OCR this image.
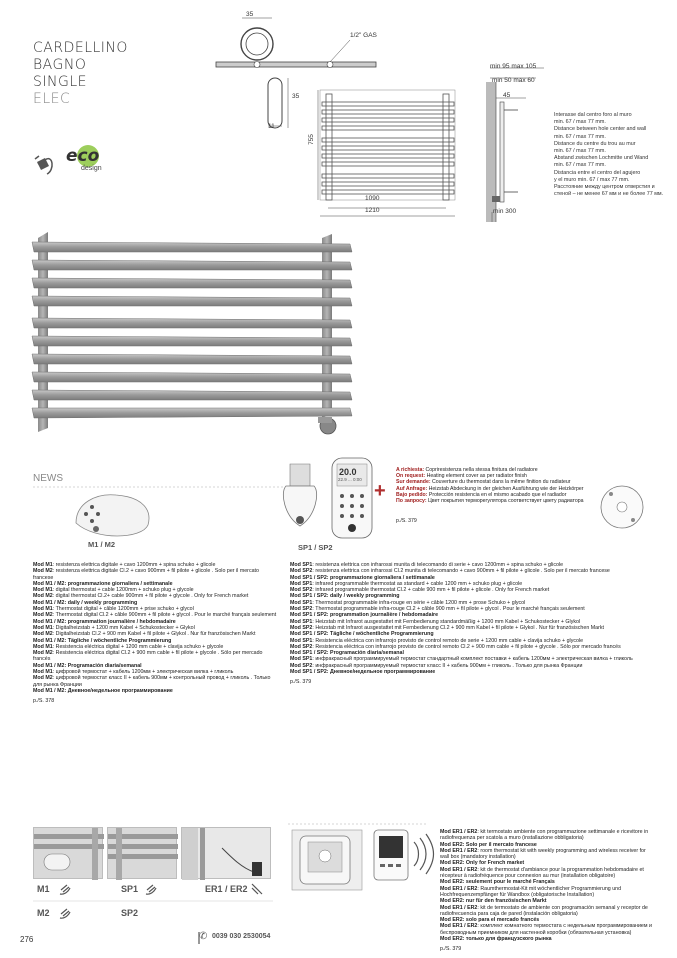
CARDELLINO
BAGNO
SINGLE
ELEC
eco
design
35
1/2" GAS
35
11
755
1090
1210
min 95 max 105
min 50 max 60
45
min 300
Interasse dal centro foro al muro
min. 67 / max 77 mm.
Distance between hole center and wall
min. 67 / max 77 mm.
Distance du centre du trou au mur
min. 67 / max 77 mm.
Abstand zwischen Lochmitte und Wand
min. 67 / max 77 mm.
Distancia entre el centro del agujero
y el muro min. 67 / max 77 mm.
Расстояние между центром отверстия и
стеной – не менее 67 мм и не более 77 мм.
NEWS
M1 / M2
20.0
22.9 ... 0:00
SP1 / SP2
+
A richiesta: Copriresistenza nella stessa finitura del radiatore
On request: Heating element cover as per radiator finish
Sur demande: Couverture du thermostat dans la même finition du radiateur
Auf Anfrage: Heizstab Abdeckung in der gleichen Ausführung wie der Heizkörper
Bajo pedido: Protección resistencia en el mismo acabado que el radiador
По запросу: Цвет покрытия терморегулятора соответствует цвету радиатора
p./S. 379
Mod M1: resistenza elettrica digitale + cavo 1200mm + spina schuko + glicole
Mod M2: resistenza elettrica digitale Cl.2 + cavo 900mm + fil pilote + glicole . Solo per il mercato francese
Mod M1 / M2: programmazione giornaliera / settimanale
Mod M1: digital thermostat + cable 1200mm + schuko plug + glycole
Mod M2: digital thermostat Cl.2+ cable 900mm + fil pilote + glycole . Only for French market
Mod M1 / M2: daily / weekly programming
Mod M1: Thermostat digital + câble 1200mm + prise schuko + glycol
Mod M2: Thermostat digital Cl.2 + câble 900mm + fil pilote + glycol . Pour le marché français seulement
Mod M1 / M2: programmation journalière / hebdomadaire
Mod M1: Digitalheizstab + 1200 mm Kabel + Schukostecker + Glykol
Mod M2: Digitalheizstab Cl.2 + 900 mm Kabel + fil pilote + Glykol . Nur für französischen Markt
Mod M1 / M2: Tägliche / wöchentliche Programmierung
Mod M1: Resistencia eléctrica digital + 1200 mm cable + clavija schuko + glycole
Mod M2: Resistencia eléctrica digital Cl.2 + 900 mm cable + fil pilote + glycole . Sólo per mercado francés
Mod M1 / M2: Programación diaria/semanal
Mod M1: цифровой термостат + кабель 1200мм + электрическая вилка + гликоль
Mod M2: цифровой термостат класс II + кабель 900мм + контрольный провод + гликоль . Только для рынка Франции
Mod M1 / M2: Дневное/недельное программирование
p./S. 378
Mod SP1: resistenza elettrica con infrarossi munita di telecomando di serie + cavo 1200mm + spina schuko + glicole
Mod SP2: resistenza elettrica con infrarossi Cl.2 munita di telecomando + cavo 900mm + fil pilote + glicole . Solo per il mercato francese
Mod SP1 / SP2: programmazione giornaliera / settimanale
Mod SP1: infrared programmable thermostat as standard + cable 1200 mm + schuko plug + glicole
Mod SP2: infrared programmable thermostat Cl.2 + cable 900 mm + fil pilote + glicole . Only for French market
Mod SP1 / SP2: daily / weekly programming
Mod SP1: Thermostat programmable infra-rouge en série + câble 1200 mm + prose Schuko + glycol
Mod SP2: Thermostat programmable infra-rouge Cl.2 + câble 900 mm + fil pilote + glycol . Pour le marché français seulement
Mod SP1 / SP2: programmation journalière / hebdomadaire
Mod SP1: Heizstab mit Infrarot ausgestattet mit Fernbedienung standardmäßig + 1200 mm Kabel + Schukostecker + Glykol
Mod SP2: Heizstab mit Infrarot ausgestattet mit Fernbedienung Cl.2 + 900 mm Kabel + fil pilote + Glykol . Nur für französischen Markt
Mod SP1 / SP2: Tägliche / wöchentliche Programmierung
Mod SP1: Resistencia eléctrica con infrarrojo provisto de control remoto de serie + 1200 mm cable + clavija schuko + glycole
Mod SP2: Resistencia eléctrica con infrarrojo provisto de control remoto Cl.2 + 900 mm cable + fil pilote + glycole . Sólo por mercado francés
Mod SP1 / SP2: Programación diaria/semanal
Mod SP1: инфракрасный программируемый термостат стандартный комплект поставки + кабель 1200мм + электрическая вилка + гликоль
Mod SP2: инфракрасный программируемый термостат класс II + кабель 900мм + гликоль . Только для рынка Франции
Mod SP1 / SP2: Дневное/недельное программирование
p./S. 379
Mod ER1 / ER2: kit termostato ambiente con programmazione settimanale e ricevitore in radiofrequenza per scatola a muro (installazione obbligatoria)
Mod ER2: Solo per il mercato francese
Mod ER1 / ER2: room thermostat kit with weekly programming and wireless receiver for wall box (mandatory installation)
Mod ER2: Only for French market
Mod ER1 / ER2: kit de thermostat d'ambiance pour la programmation hebdomadaire et récepteur à radiofréquence pour connexion au mur (installation obligatoire)
Mod ER2: seulement pour le marché Français
Mod ER1 / ER2: Raumthermostat-Kit mit wöchentlicher Programmierung und Hochfrequenzempfänger für Wandbox (obligatorische Installation)
Mod ER2: nur für den französischen Markt
Mod ER1 / ER2: kit de termostato de ambiente con programación semanal y receptor de radiofrecuencia para caja de pared (instalación obligatoria)
Mod ER2: solo para el mercado francés
Mod ER1 / ER2: комплект комнатного термостата с недельным программированием и беспроводным приемником для настенной коробки (обязательная установка)
Mod ER2: только для французского рынка
p./S. 379
M1
M2
SP1
SP2
ER1 / ER2
276	✆ 0039 030 2530054
